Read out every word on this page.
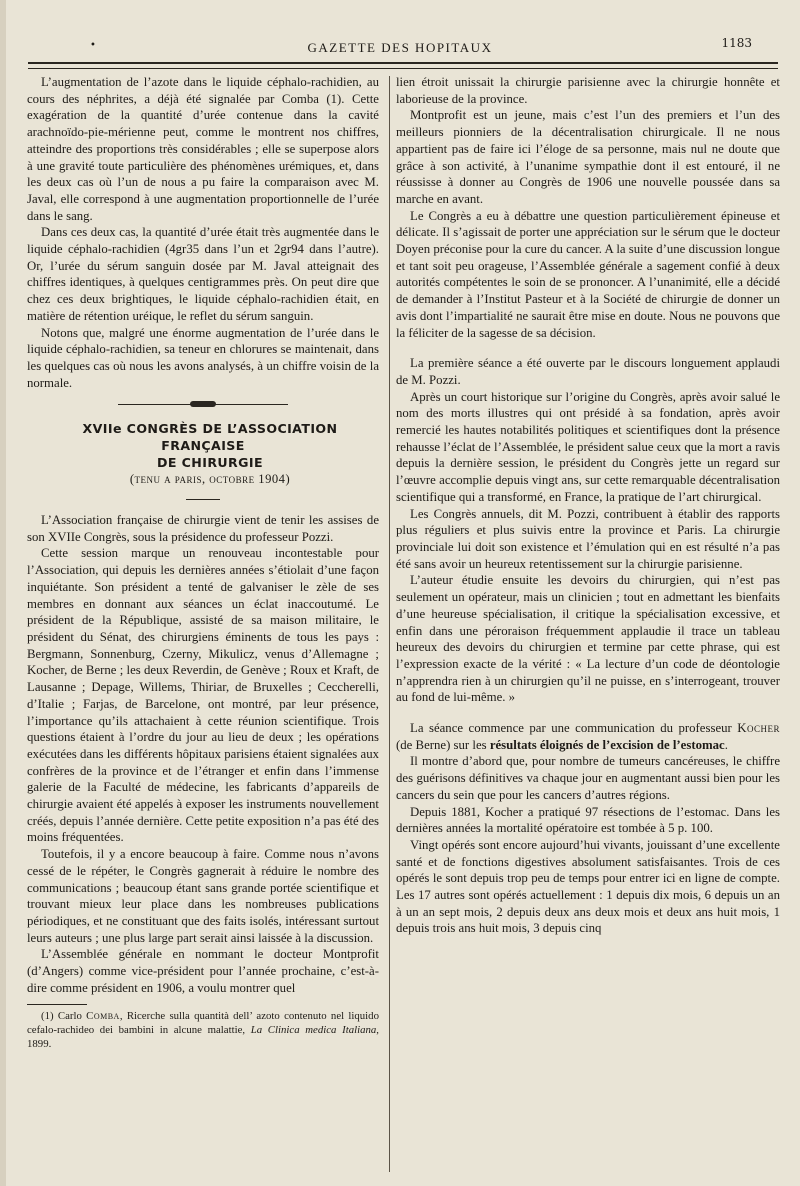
•	GAZETTE DES HOPITAUX	1183

L’augmentation de l’azote dans le liquide céphalo-rachidien, au cours des néphrites, a déjà été signalée par Comba (1). Cette exagération de la quantité d’urée contenue dans la cavité arachnoïdo-pie-mérienne peut, comme le montrent nos chiffres, atteindre des proportions très considérables ; elle se superpose alors à une gravité toute particulière des phénomènes urémiques, et, dans les deux cas où l’un de nous a pu faire la comparaison avec M. Javal, elle correspond à une augmentation proportionnelle de l’urée dans le sang.

Dans ces deux cas, la quantité d’urée était très augmentée dans le liquide céphalo-rachidien (4gr35 dans l’un et 2gr94 dans l’autre). Or, l’urée du sérum sanguin dosée par M. Javal atteignait des chiffres identiques, à quelques centigrammes près. On peut dire que chez ces deux brightiques, le liquide céphalo-rachidien était, en matière de rétention uréique, le reflet du sérum sanguin.

Notons que, malgré une énorme augmentation de l’urée dans le liquide céphalo-rachidien, sa teneur en chlorures se maintenait, dans les quelques cas où nous les avons analysés, à un chiffre voisin de la normale.

XVIIe CONGRÈS DE L’ASSOCIATION FRANÇAISE

DE CHIRURGIE

(tenu a paris, octobre 1904)

L’Association française de chirurgie vient de tenir les assises de son XVIIe Congrès, sous la présidence du professeur Pozzi.

Cette session marque un renouveau incontestable pour l’Association, qui depuis les dernières années s’étiolait d’une façon inquiétante. Son président a tenté de galvaniser le zèle de ses membres en donnant aux séances un éclat inaccoutumé. Le président de la République, assisté de sa maison militaire, le président du Sénat, des chirurgiens éminents de tous les pays : Bergmann, Sonnenburg, Czerny, Mikulicz, venus d’Allemagne ; Kocher, de Berne ; les deux Reverdin, de Genève ; Roux et Kraft, de Lausanne ; Depage, Willems, Thiriar, de Bruxelles ; Ceccherelli, d’Italie ; Farjas, de Barcelone, ont montré, par leur présence, l’importance qu’ils attachaient à cette réunion scientifique. Trois questions étaient à l’ordre du jour au lieu de deux ; les opérations exécutées dans les différents hôpitaux parisiens étaient signalées aux confrères de la province et de l’étranger et enfin dans l’immense galerie de la Faculté de médecine, les fabricants d’appareils de chirurgie avaient été appelés à exposer les instruments nouvellement créés, depuis l’année dernière. Cette petite exposition n’a pas été des moins fréquentées.

Toutefois, il y a encore beaucoup à faire. Comme nous n’avons cessé de le répéter, le Congrès gagnerait à réduire le nombre des communications ; beaucoup étant sans grande portée scientifique et trouvant mieux leur place dans les nombreuses publications périodiques, et ne constituant que des faits isolés, intéressant surtout leurs auteurs ; une plus large part serait ainsi laissée à la discussion.

L’Assemblée générale en nommant le docteur Montprofit (d’Angers) comme vice-président pour l’année prochaine, c’est-à-dire comme président en 1906, a voulu montrer quel

(1) Carlo Comba, Ricerche sulla quantità dell’ azoto contenuto nel liquido cefalo-rachideo dei bambini in alcune malattie, La Clinica medica Italiana, 1899.

lien étroit unissait la chirurgie parisienne avec la chirurgie honnête et laborieuse de la province.

Montprofit est un jeune, mais c’est l’un des premiers et l’un des meilleurs pionniers de la décentralisation chirurgicale. Il ne nous appartient pas de faire ici l’éloge de sa personne, mais nul ne doute que grâce à son activité, à l’unanime sympathie dont il est entouré, il ne réussisse à donner au Congrès de 1906 une nouvelle poussée dans sa marche en avant.

Le Congrès a eu à débattre une question particulièrement épineuse et délicate. Il s’agissait de porter une appréciation sur le sérum que le docteur Doyen préconise pour la cure du cancer. A la suite d’une discussion longue et tant soit peu orageuse, l’Assemblée générale a sagement confié à deux autorités compétentes le soin de se prononcer. A l’unanimité, elle a décidé de demander à l’Institut Pasteur et à la Société de chirurgie de donner un avis dont l’impartialité ne saurait être mise en doute. Nous ne pouvons que la féliciter de la sagesse de sa décision.

La première séance a été ouverte par le discours longuement applaudi de M. Pozzi.

Après un court historique sur l’origine du Congrès, après avoir salué le nom des morts illustres qui ont présidé à sa fondation, après avoir remercié les hautes notabilités politiques et scientifiques dont la présence rehausse l’éclat de l’Assemblée, le président salue ceux que la mort a ravis depuis la dernière session, le président du Congrès jette un regard sur l’œuvre accomplie depuis vingt ans, sur cette remarquable décentralisation scientifique qui a transformé, en France, la pratique de l’art chirurgical.

Les Congrès annuels, dit M. Pozzi, contribuent à établir des rapports plus réguliers et plus suivis entre la province et Paris. La chirurgie provinciale lui doit son existence et l’émulation qui en est résulté n’a pas été sans avoir un heureux retentissement sur la chirurgie parisienne.

L’auteur étudie ensuite les devoirs du chirurgien, qui n’est pas seulement un opérateur, mais un clinicien ; tout en admettant les bienfaits d’une heureuse spécialisation, il critique la spécialisation excessive, et enfin dans une péroraison fréquemment applaudie il trace un tableau heureux des devoirs du chirurgien et termine par cette phrase, qui est l’expression exacte de la vérité : « La lecture d’un code de déontologie n’apprendra rien à un chirurgien qu’il ne puisse, en s’interrogeant, trouver au fond de lui-même. »

La séance commence par une communication du professeur Kocher (de Berne) sur les résultats éloignés de l’excision de l’estomac.

Il montre d’abord que, pour nombre de tumeurs cancéreuses, le chiffre des guérisons définitives va chaque jour en augmentant aussi bien pour les cancers du sein que pour les cancers d’autres régions.

Depuis 1881, Kocher a pratiqué 97 résections de l’estomac. Dans les dernières années la mortalité opératoire est tombée à 5 p. 100.

Vingt opérés sont encore aujourd’hui vivants, jouissant d’une excellente santé et de fonctions digestives absolument satisfaisantes. Trois de ces opérés le sont depuis trop peu de temps pour entrer ici en ligne de compte. Les 17 autres sont opérés actuellement : 1 depuis dix mois, 6 depuis un an à un an sept mois, 2 depuis deux ans deux mois et deux ans huit mois, 1 depuis trois ans huit mois, 3 depuis cinq
